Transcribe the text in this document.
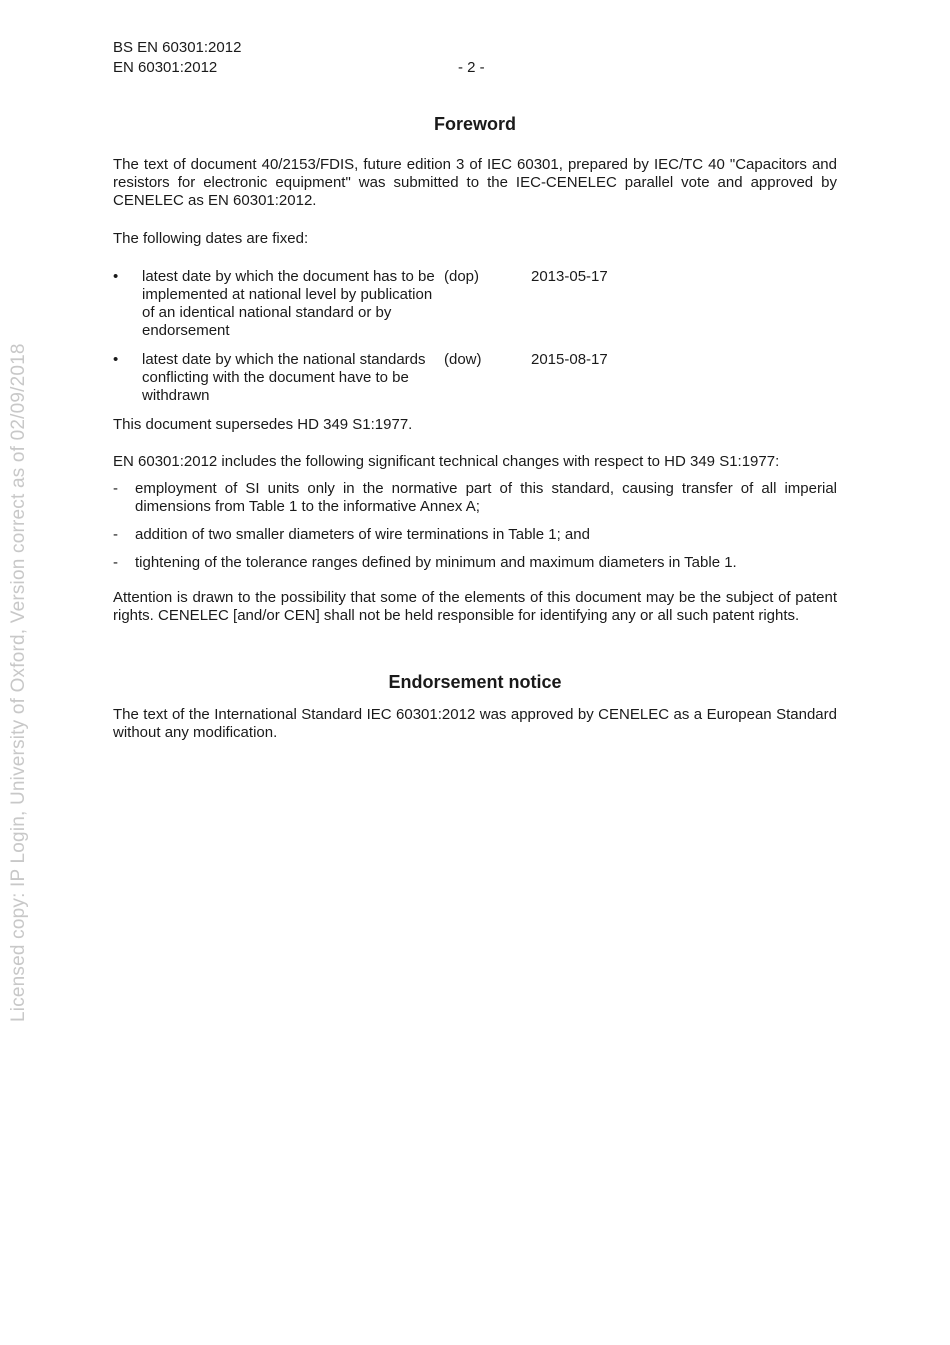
BS EN 60301:2012
EN 60301:2012	- 2 -
Licensed copy: IP Login, University of Oxford, Version correct as of 02/09/2018
Foreword

The text of document 40/2153/FDIS, future edition 3 of IEC 60301, prepared by IEC/TC 40 "Capacitors and resistors for electronic equipment" was submitted to the IEC-CENELEC parallel vote and approved by CENELEC as EN 60301:2012.

The following dates are fixed:

•	latest date by which the document has to be implemented at national level by publication of an identical national standard or by endorsement
(dop)	2013-05-17
•	latest date by which the national standards conflicting with the document have to be withdrawn
(dow)	2015-08-17

This document supersedes HD 349 S1:1977.

EN 60301:2012 includes the following significant technical changes with respect to HD 349 S1:1977:

-	employment of SI units only in the normative part of this standard, causing transfer of all imperial dimensions from Table 1 to the informative Annex A;
-	addition of two smaller diameters of wire terminations in Table 1; and
-	tightening of the tolerance ranges defined by minimum and maximum diameters in Table 1.

Attention is drawn to the possibility that some of the elements of this document may be the subject of patent rights. CENELEC [and/or CEN] shall not be held responsible for identifying any or all such patent rights.

Endorsement notice

The text of the International Standard IEC 60301:2012 was approved by CENELEC as a European Standard without any modification.
